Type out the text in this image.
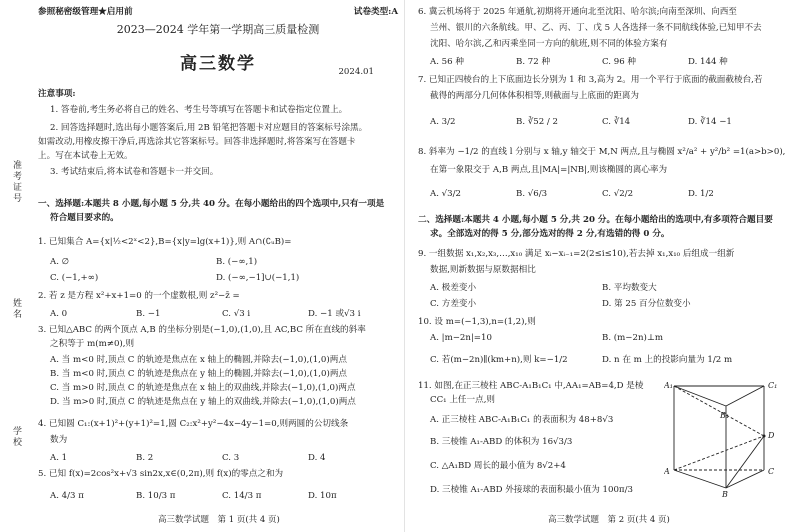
准考证号
姓名
学校
参照秘密级管理★启用前	试卷类型:A
2023—2024 学年第一学期高三质量检测
高三数学	2024.01
注意事项:
1. 答卷前,考生务必将自己的姓名、考生号等填写在答题卡和试卷指定位置上。
2. 回答选择题时,选出每小题答案后,用 2B 铅笔把答题卡对应题目的答案标号涂黑。
如需改动,用橡皮擦干净后,再选涂其它答案标号。回答非选择题时,将答案写在答题卡
上。写在本试卷上无效。
3. 考试结束后,将本试卷和答题卡一并交回。
一、选择题:本题共 8 小题,每小题 5 分,共 40 分。在每小题给出的四个选项中,只有一项是
符合题目要求的。
1. 已知集合 A={x|½<2ˣ<2},B={x|y=lg(x+1)},则 A∩(∁ᵤB)=
A. ∅	B. (−∞,1)
C. (−1,+∞)	D. (−∞,−1]∪(−1,1)
2. 若 z 是方程 x²+x+1=0 的一个虚数根,则 z²−z̄ =
A. 0	B. −1	C. √3 i	D. −1 或√3 i
3. 已知△ABC 的两个顶点 A,B 的坐标分别是(−1,0),(1,0),且 AC,BC 所在直线的斜率
之积等于 m(m≠0),则
A. 当 m<0 时,顶点 C 的轨迹是焦点在 x 轴上的椭圆,并除去(−1,0),(1,0)两点
B. 当 m<0 时,顶点 C 的轨迹是焦点在 y 轴上的椭圆,并除去(−1,0),(1,0)两点
C. 当 m>0 时,顶点 C 的轨迹是焦点在 x 轴上的双曲线,并除去(−1,0),(1,0)两点
D. 当 m>0 时,顶点 C 的轨迹是焦点在 y 轴上的双曲线,并除去(−1,0),(1,0)两点
4. 已知圆 C₁:(x+1)²+(y+1)²=1,圆 C₂:x²+y²−4x−4y−1=0,则两圆的公切线条
数为
A. 1	B. 2	C. 3	D. 4
5. 已知 f(x)=2cos²x+√3 sin2x,x∈(0,2π),则 f(x)的零点之和为
A. 4/3 π	B. 10/3 π	C. 14/3 π	D. 10π
高三数学试题　第 1 页(共 4 页)
6. 冀云机场将于 2025 年通航,初期将开通向北至沈阳、哈尔滨;向南至深圳、向西至
兰州、银川的六条航线。甲、乙、丙、丁、戊 5 人各选择一条不同航线体验,已知甲不去
沈阳、哈尔滨,乙和丙乘坐同一方向的航班,则不同的体验方案有
A. 56 种	B. 72 种	C. 96 种	D. 144 种
7. 已知正四棱台的上下底面边长分别为 1 和 3,高为 2。用一个平行于底面的截面截棱台,若
截得的两部分几何体体积相等,则截面与上底面的距离为
A. 3/2	B. ∛52 / 2	C. ∛14	D. ∛14 −1
8. 斜率为 −1/2 的直线 l 分别与 x 轴,y 轴交于 M,N 两点,且与椭圆 x²/a² + y²/b² =1(a>b>0),
在第一象限交于 A,B 两点,且|MA|=|NB|,则该椭圆的离心率为
A. √3/2	B. √6/3	C. √2/2	D. 1/2
二、选择题:本题共 4 小题,每小题 5 分,共 20 分。在每小题给出的选项中,有多项符合题目要
求。全部选对的得 5 分,部分选对的得 2 分,有选错的得 0 分。
9. 一组数据 x₁,x₂,x₃,…,x₁₀ 满足 xᵢ−xᵢ₋₁=2(2≤i≤10),若去掉 x₁,x₁₀ 后组成一组新
数据,则新数据与原数据相比
A. 极差变小	B. 平均数变大
C. 方差变小	D. 第 25 百分位数变小
10. 设 m=(−1,3),n=(1,2),则
A. |m−2n|=10	B. (m−2n)⊥m
C. 若(m−2n)∥(km+n),则 k=−1/2	D. n 在 m 上的投影向量为 1/2 m
11. 如图,在正三棱柱 ABC-A₁B₁C₁ 中,AA₁=AB=4,D 是棱
CC₁ 上任一点,则
A. 正三棱柱 ABC-A₁B₁C₁ 的表面积为 48+8√3
B. 三棱锥 A₁-ABD 的体积为 16√3/3
C. △A₁BD 周长的最小值为 8√2+4
D. 三棱锥 A₁-ABD 外接球的表面积最小值为 100π/3
A₁
B₁
C₁
A
B
C
D
高三数学试题　第 2 页(共 4 页)
